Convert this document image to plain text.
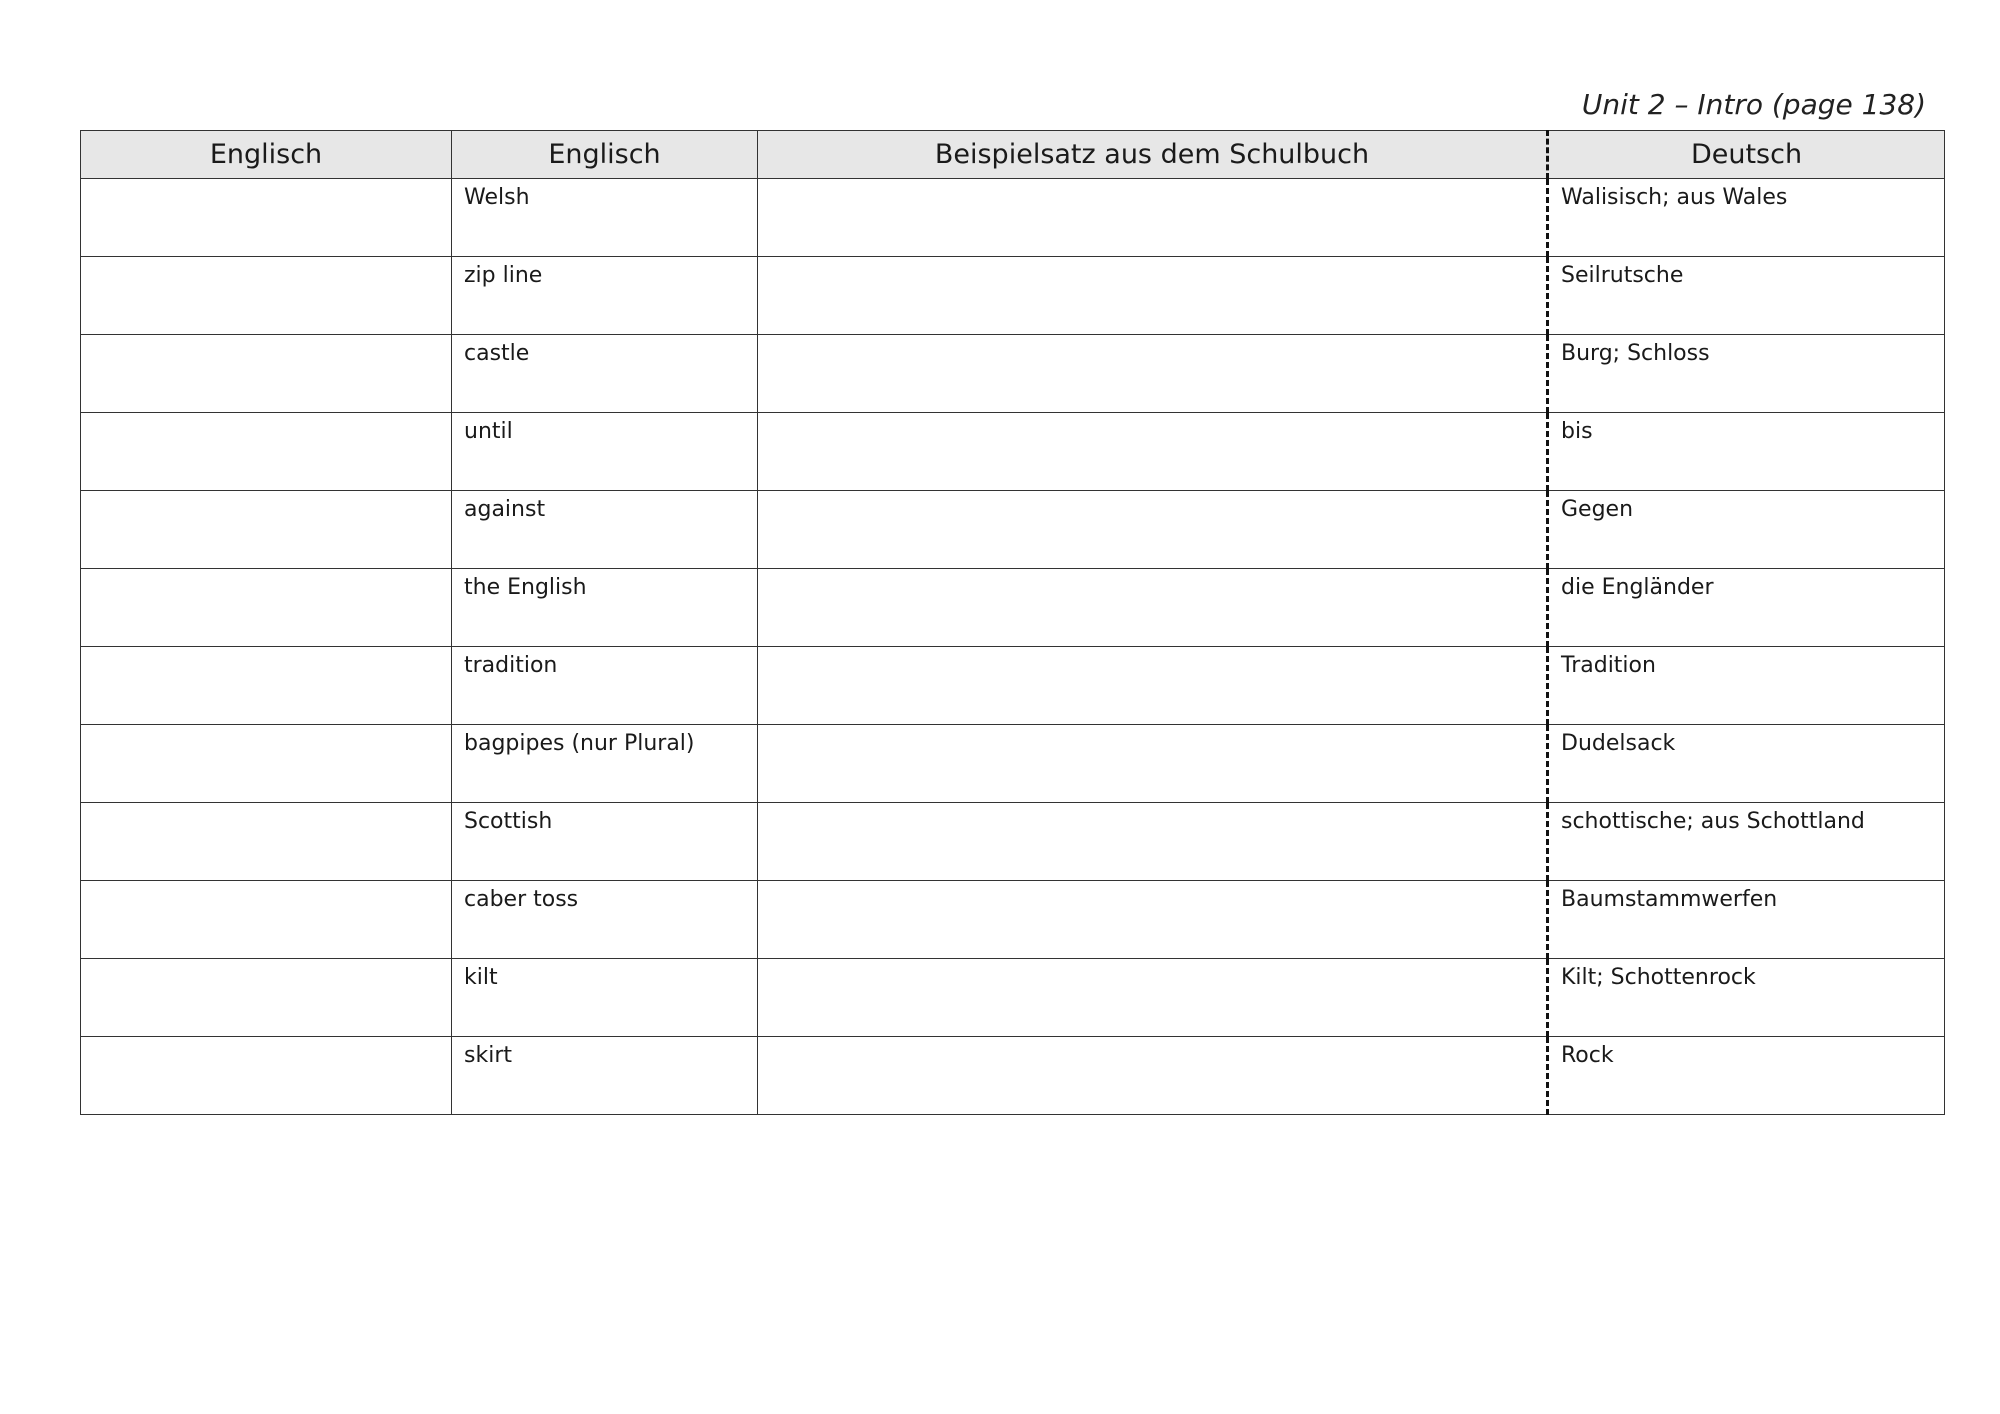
Unit 2 – Intro (page 138)
Englisch	Englisch	Beispielsatz aus dem Schulbuch	Deutsch
	Welsh		Walisisch; aus Wales
	zip line		Seilrutsche
	castle		Burg; Schloss
	until		bis
	against		Gegen
	the English		die Engländer
	tradition		Tradition
	bagpipes (nur Plural)		Dudelsack
	Scottish		schottische; aus Schottland
	caber toss		Baumstammwerfen
	kilt		Kilt; Schottenrock
	skirt		Rock
